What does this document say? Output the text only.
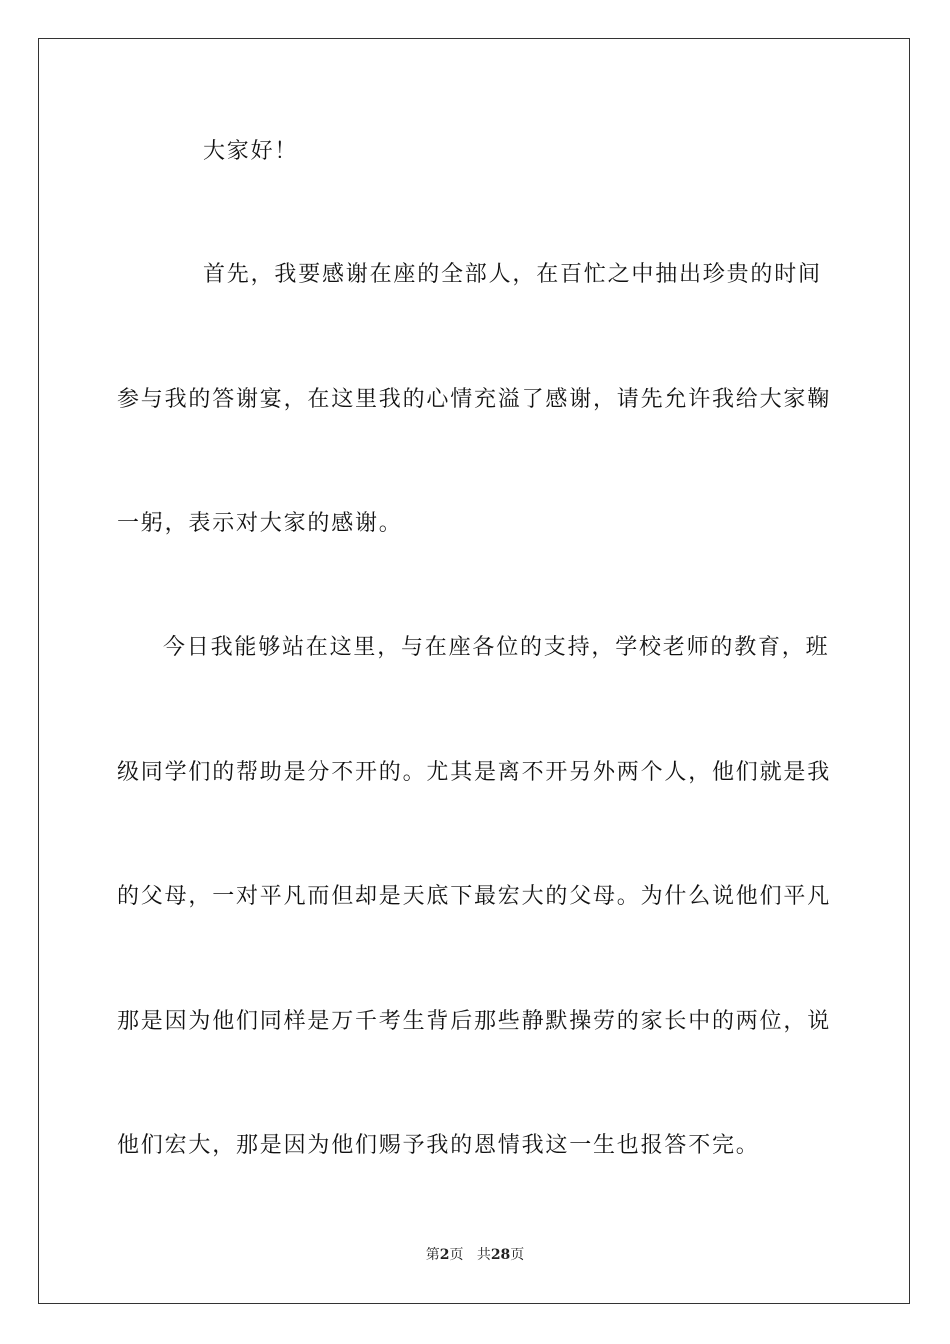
大家好！
首先，我要感谢在座的全部人，在百忙之中抽出珍贵的时间
参与我的答谢宴，在这里我的心情充溢了感谢，请先允许我给大家鞠
一躬，表示对大家的感谢。
今日我能够站在这里，与在座各位的支持，学校老师的教育，班
级同学们的帮助是分不开的。尤其是离不开另外两个人，他们就是我
的父母，一对平凡而但却是天底下最宏大的父母。为什么说他们平凡
那是因为他们同样是万千考生背后那些静默操劳的家长中的两位，说
他们宏大，那是因为他们赐予我的恩情我这一生也报答不完。
第2页 共28页
